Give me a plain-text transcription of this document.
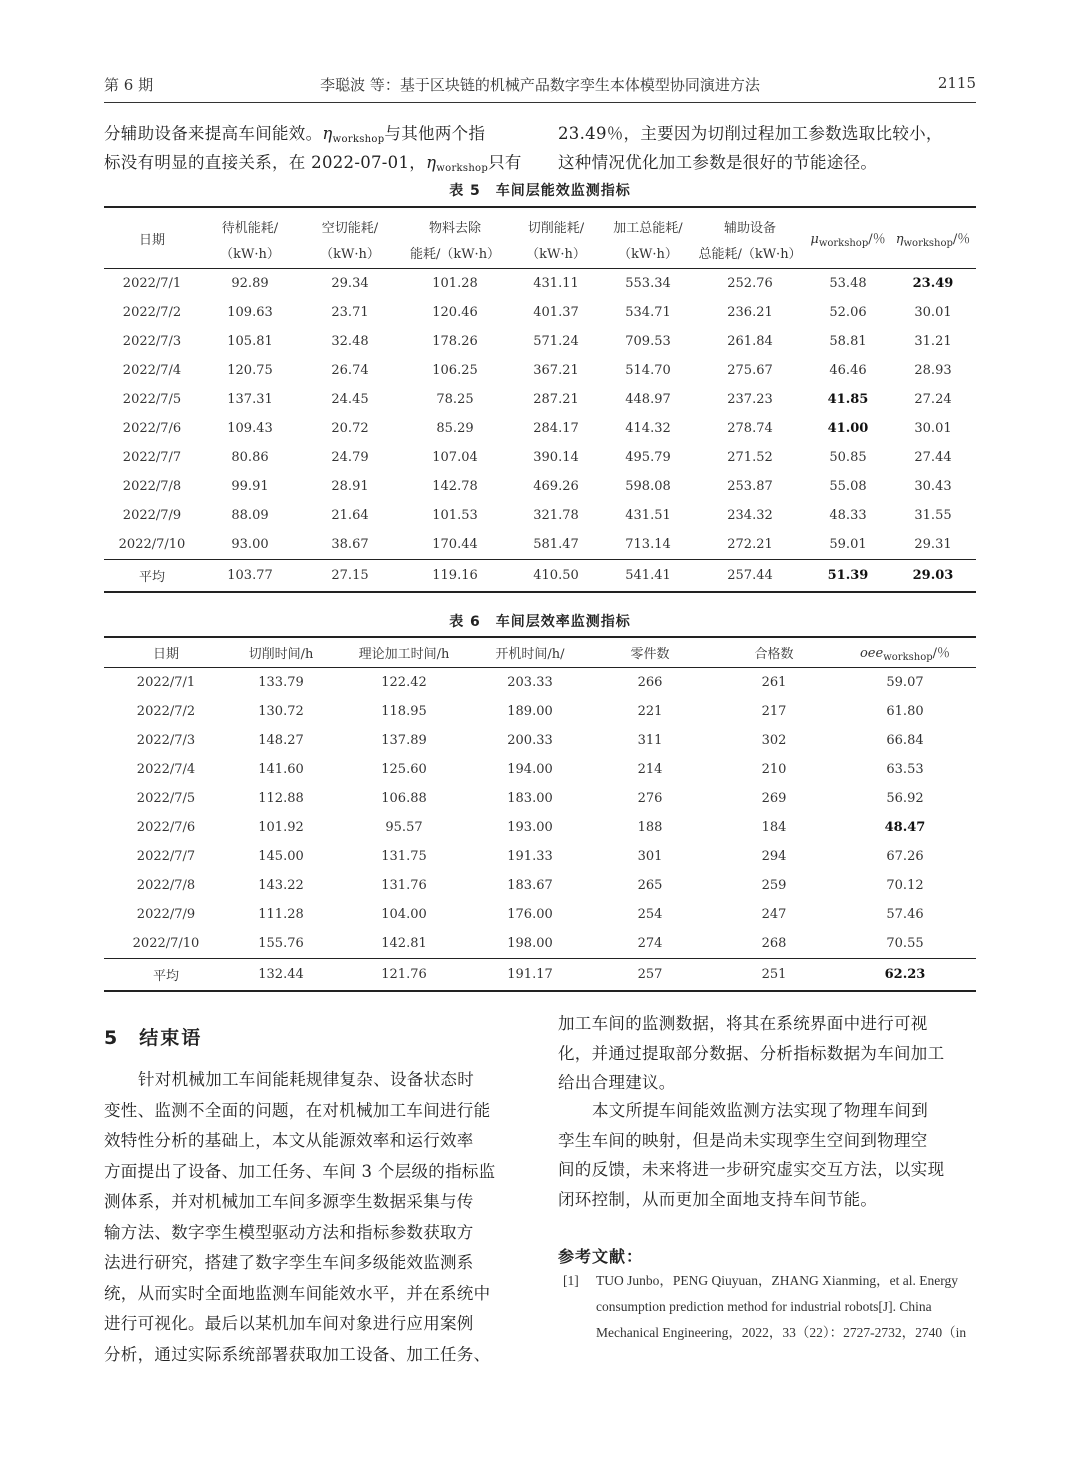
第 6 期	李聪波 等：基于区块链的机械产品数字孪生本体模型协同演进方法	2115
分辅助设备来提高车间能效。$\eta_{workshop}$与其他两个指
标没有明显的直接关系，在 2022-07-01，$\eta_{workshop}$只有
23.49％，主要因为切削过程加工参数选取比较小，
这种情况优化加工参数是很好的节能途径。
表 5　车间层能效监测指标
	待机能耗/	空切能耗/	物料去除	切削能耗/	加工总能耗/	辅助设备		
日期	（kW·h）	（kW·h）	能耗/（kW·h）	（kW·h）	（kW·h）	总能耗/（kW·h）	$\mu_{workshop}/$％	$\eta_{workshop}/$％
2022/7/1	92.89	29.34	101.28	431.11	553.34	252.76	53.48	23.49
2022/7/2	109.63	23.71	120.46	401.37	534.71	236.21	52.06	30.01
2022/7/3	105.81	32.48	178.26	571.24	709.53	261.84	58.81	31.21
2022/7/4	120.75	26.74	106.25	367.21	514.70	275.67	46.46	28.93
2022/7/5	137.31	24.45	78.25	287.21	448.97	237.23	41.85	27.24
2022/7/6	109.43	20.72	85.29	284.17	414.32	278.74	41.00	30.01
2022/7/7	80.86	24.79	107.04	390.14	495.79	271.52	50.85	27.44
2022/7/8	99.91	28.91	142.78	469.26	598.08	253.87	55.08	30.43
2022/7/9	88.09	21.64	101.53	321.78	431.51	234.32	48.33	31.55
2022/7/10	93.00	38.67	170.44	581.47	713.14	272.21	59.01	29.31
平均	103.77	27.15	119.16	410.50	541.41	257.44	51.39	29.03
表 6　车间层效率监测指标
日期	切削时间/h	理论加工时间/h	开机时间/h/	零件数	合格数	oee$_{workshop}$/％
2022/7/1	133.79	122.42	203.33	266	261	59.07
2022/7/2	130.72	118.95	189.00	221	217	61.80
2022/7/3	148.27	137.89	200.33	311	302	66.84
2022/7/4	141.60	125.60	194.00	214	210	63.53
2022/7/5	112.88	106.88	183.00	276	269	56.92
2022/7/6	101.92	95.57	193.00	188	184	48.47
2022/7/7	145.00	131.75	191.33	301	294	67.26
2022/7/8	143.22	131.76	183.67	265	259	70.12
2022/7/9	111.28	104.00	176.00	254	247	57.46
2022/7/10	155.76	142.81	198.00	274	268	70.55
平均	132.44	121.76	191.17	257	251	62.23
5 结束语
针对机械加工车间能耗规律复杂、设备状态时
变性、监测不全面的问题，在对机械加工车间进行能
效特性分析的基础上，本文从能源效率和运行效率
方面提出了设备、加工任务、车间 3 个层级的指标监
测体系，并对机械加工车间多源孪生数据采集与传
输方法、数字孪生模型驱动方法和指标参数获取方
法进行研究，搭建了数字孪生车间多级能效监测系
统，从而实时全面地监测车间能效水平，并在系统中
进行可视化。最后以某机加车间对象进行应用案例
分析，通过实际系统部署获取加工设备、加工任务、
加工车间的监测数据，将其在系统界面中进行可视
化，并通过提取部分数据、分析指标数据为车间加工
给出合理建议。
本文所提车间能效监测方法实现了物理车间到
孪生车间的映射，但是尚未实现孪生空间到物理空
间的反馈，未来将进一步研究虚实交互方法，以实现
闭环控制，从而更加全面地支持车间节能。
参考文献：
[1] TUO Junbo，PENG Qiuyuan，ZHANG Xianming，et al. Energy
consumption prediction method for industrial robots[J]. China
Mechanical Engineering，2022，33（22）：2727-2732，2740（in
